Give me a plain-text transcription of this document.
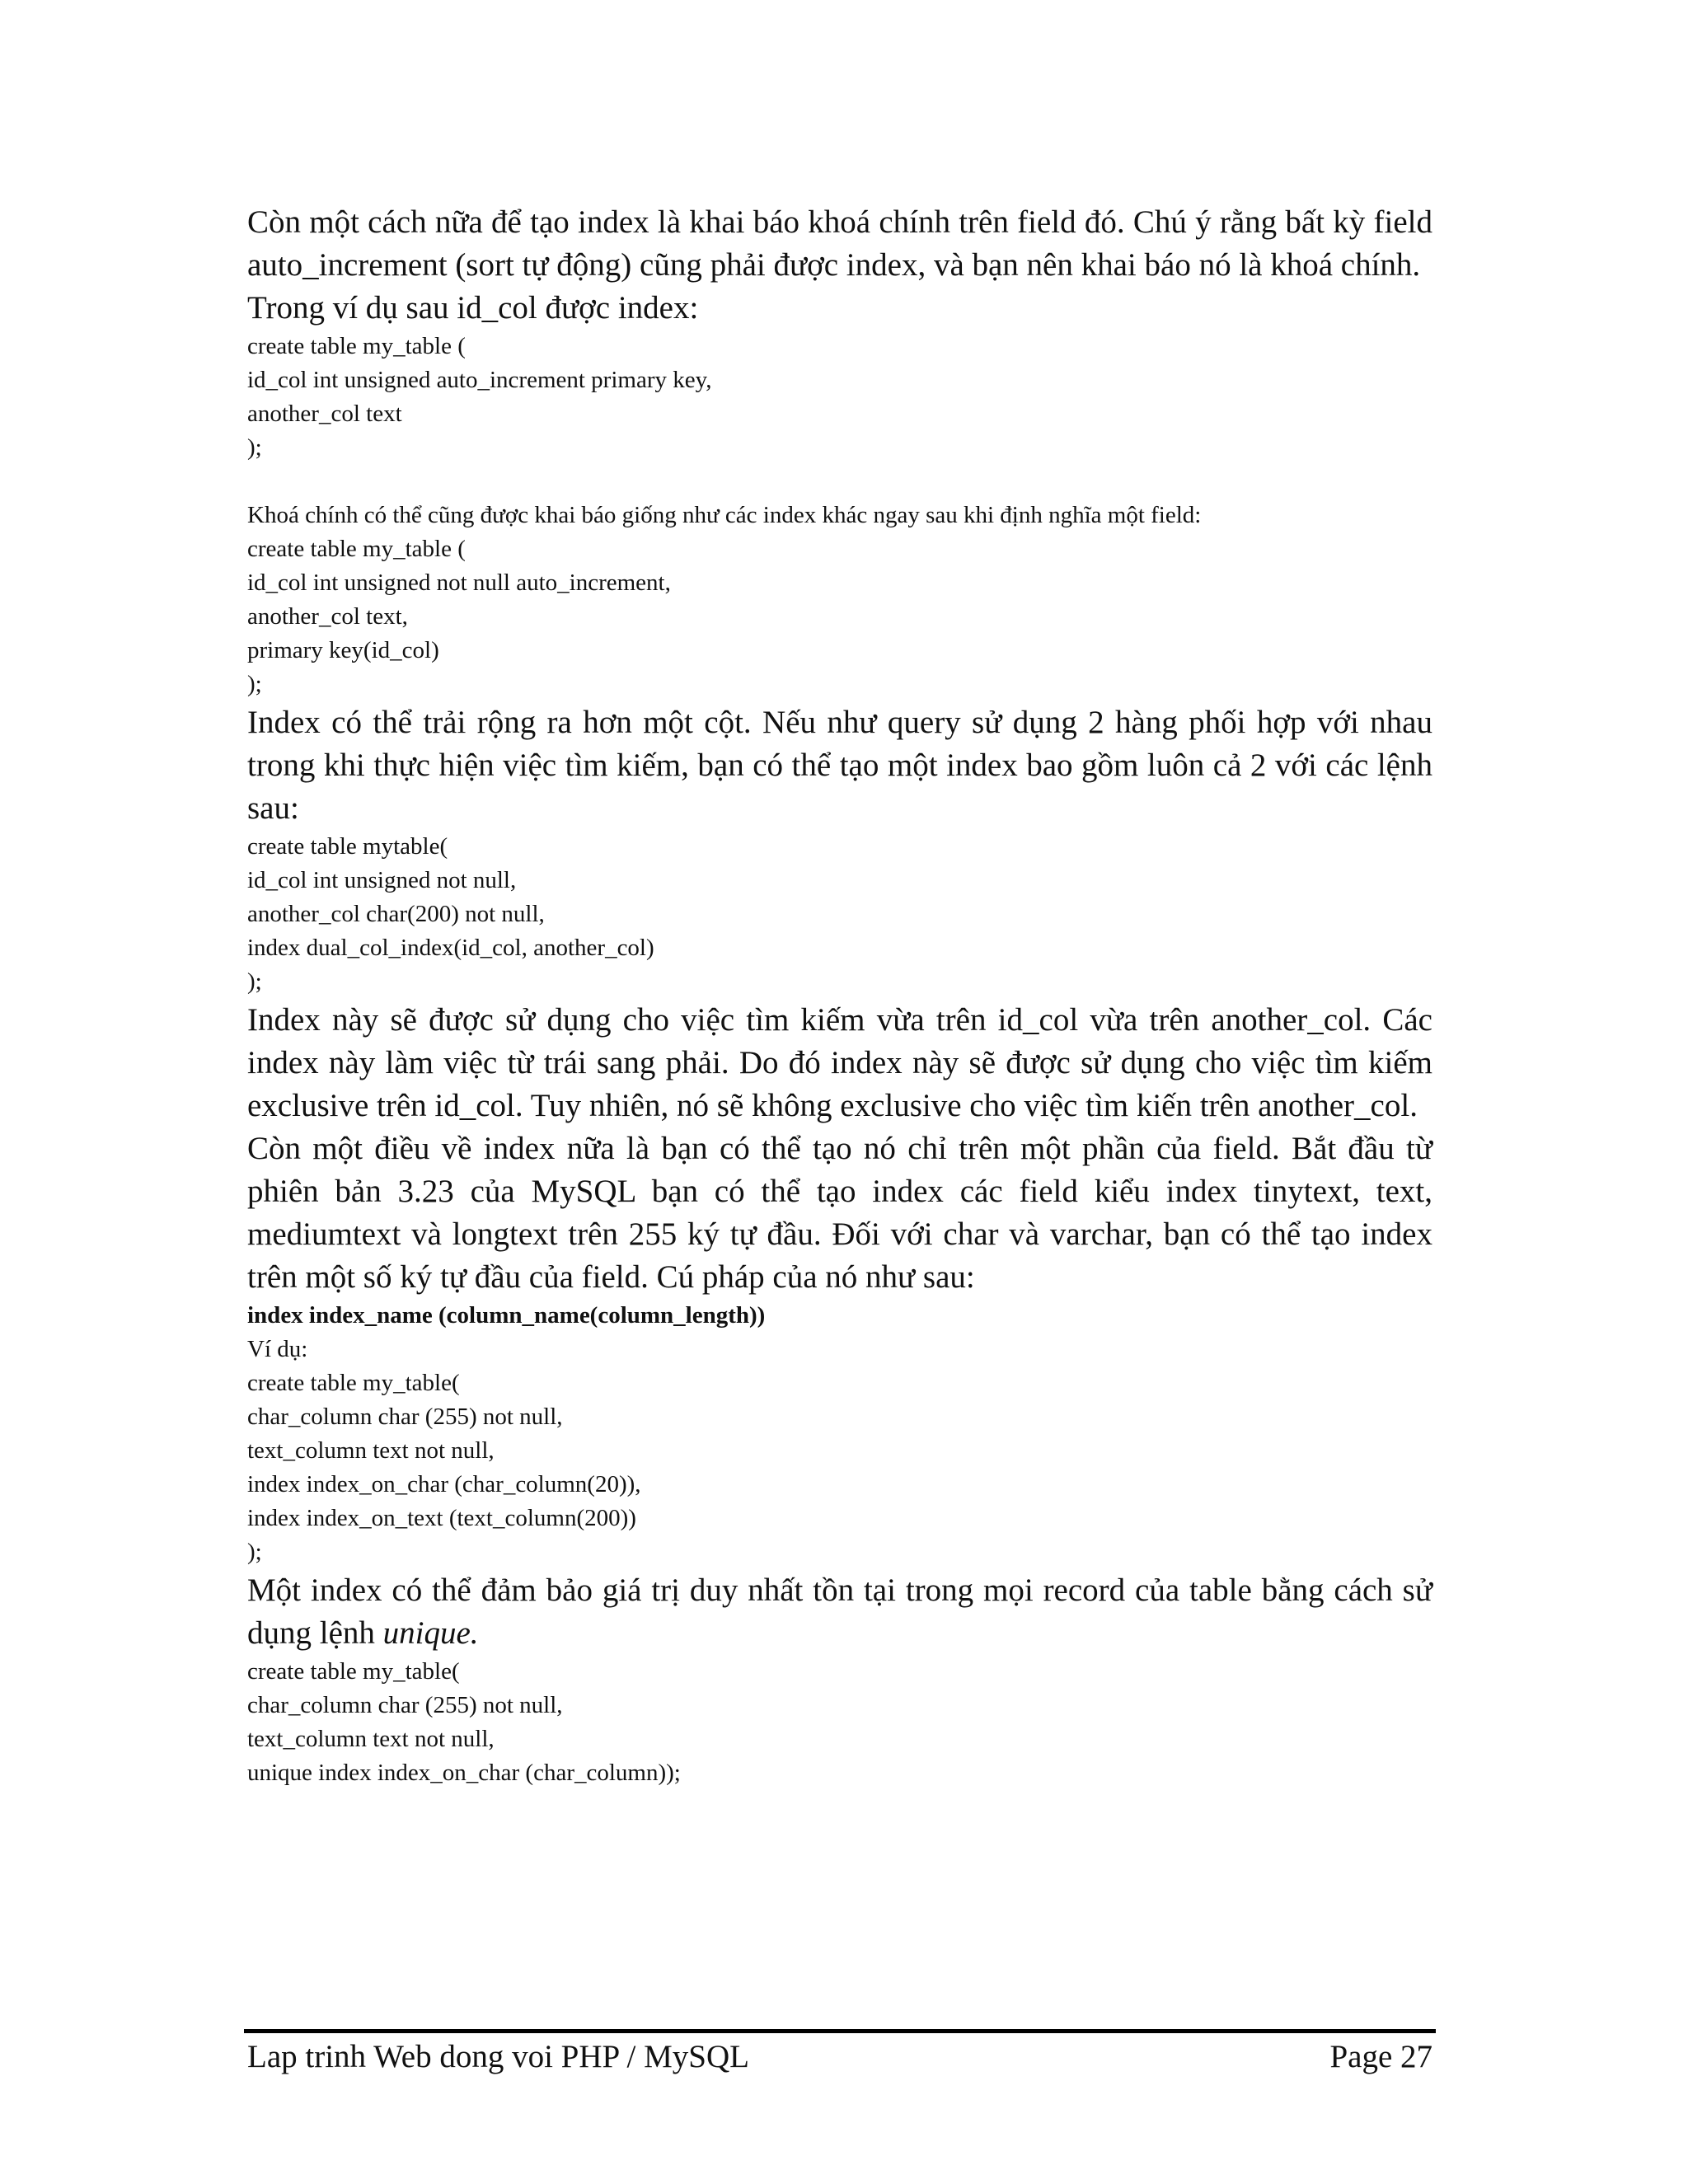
Còn một cách nữa để tạo index là khai báo khoá chính trên field đó. Chú ý rằng bất kỳ field auto_increment (sort tự động) cũng phải được index, và bạn nên khai báo nó là khoá chính.

Trong ví dụ sau id_col được index:

create table my_table (

id_col int unsigned auto_increment primary key,

another_col text

);

Khoá chính có thể cũng được khai báo giống như các index khác ngay sau khi định nghĩa một field:

create table my_table (

id_col int unsigned not null auto_increment,

another_col text,

primary key(id_col)

);

Index có thể trải rộng ra hơn một cột. Nếu như query sử dụng 2 hàng phối hợp với nhau trong khi thực hiện việc tìm kiếm, bạn có thể tạo một index bao gồm luôn cả 2 với các lệnh sau:

create table mytable(

id_col int unsigned not null,

another_col char(200) not null,

index dual_col_index(id_col, another_col)

);

Index này sẽ được sử dụng cho việc tìm kiếm vừa trên id_col vừa trên another_col. Các index này làm việc từ trái sang phải. Do đó index này sẽ được sử dụng cho việc tìm kiếm exclusive trên id_col. Tuy nhiên, nó sẽ không exclusive cho việc tìm kiến trên another_col.

Còn một điều về index nữa là bạn có thể tạo nó chỉ trên một phần của field. Bắt đầu từ phiên bản 3.23 của MySQL bạn có thể tạo index các field kiểu index tinytext, text, mediumtext và longtext trên 255 ký tự đầu. Đối với char và varchar, bạn có thể tạo index trên một số ký tự đầu của field. Cú pháp của nó như sau:

index index_name (column_name(column_length))

Ví dụ:

create table my_table(

char_column char (255) not null,

text_column text not null,

index index_on_char (char_column(20)),

index index_on_text (text_column(200))

);

Một index có thể đảm bảo giá trị duy nhất tồn tại trong mọi record của table bằng cách sử dụng lệnh unique.

create table my_table(

char_column char (255) not null,

text_column text not null,

unique index index_on_char (char_column));

Lap trinh Web dong voi PHP / MySQL	Page 27
